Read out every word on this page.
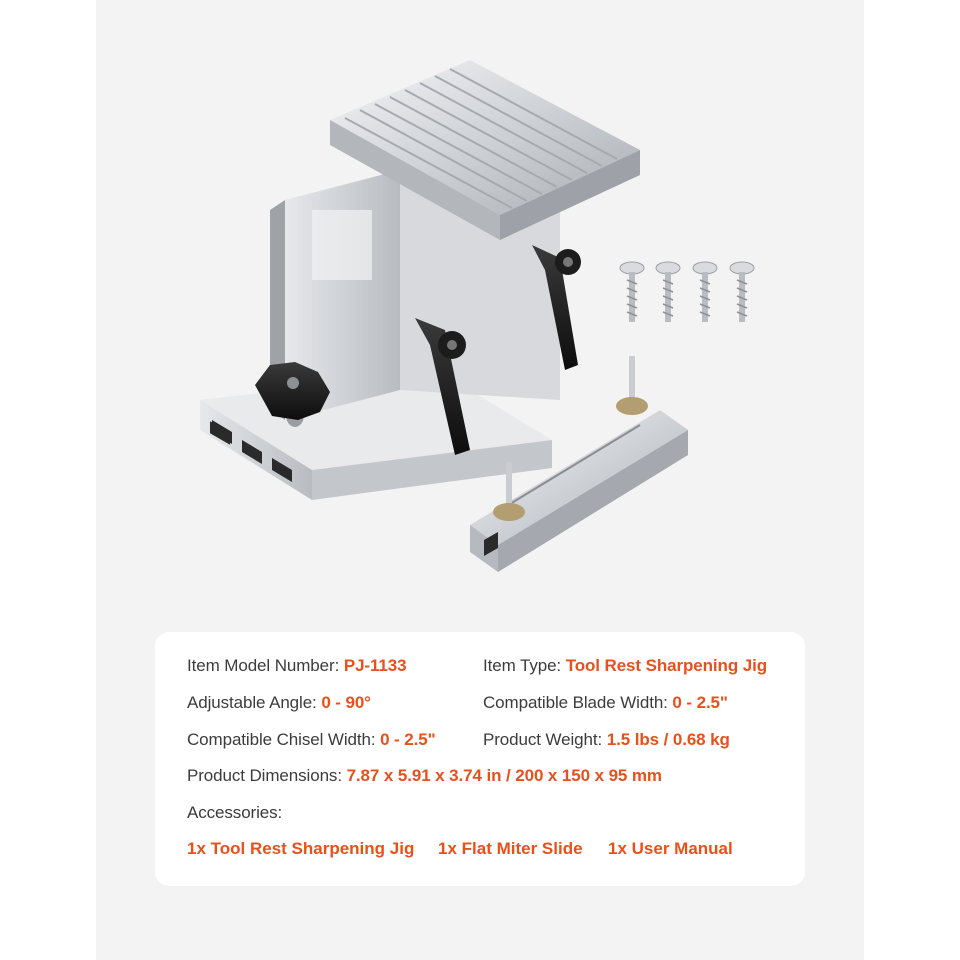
Item Model Number: PJ-1133	Item Type: Tool Rest Sharpening Jig
Adjustable Angle: 0 - 90°	Compatible Blade Width: 0 - 2.5"
Compatible Chisel Width: 0 - 2.5"	Product Weight: 1.5 lbs / 0.68 kg
Product Dimensions: 7.87 x 5.91 x 3.74 in / 200 x 150 x 95 mm
Accessories:
1x Tool Rest Sharpening Jig 1x Flat Miter Slide 1x User Manual
